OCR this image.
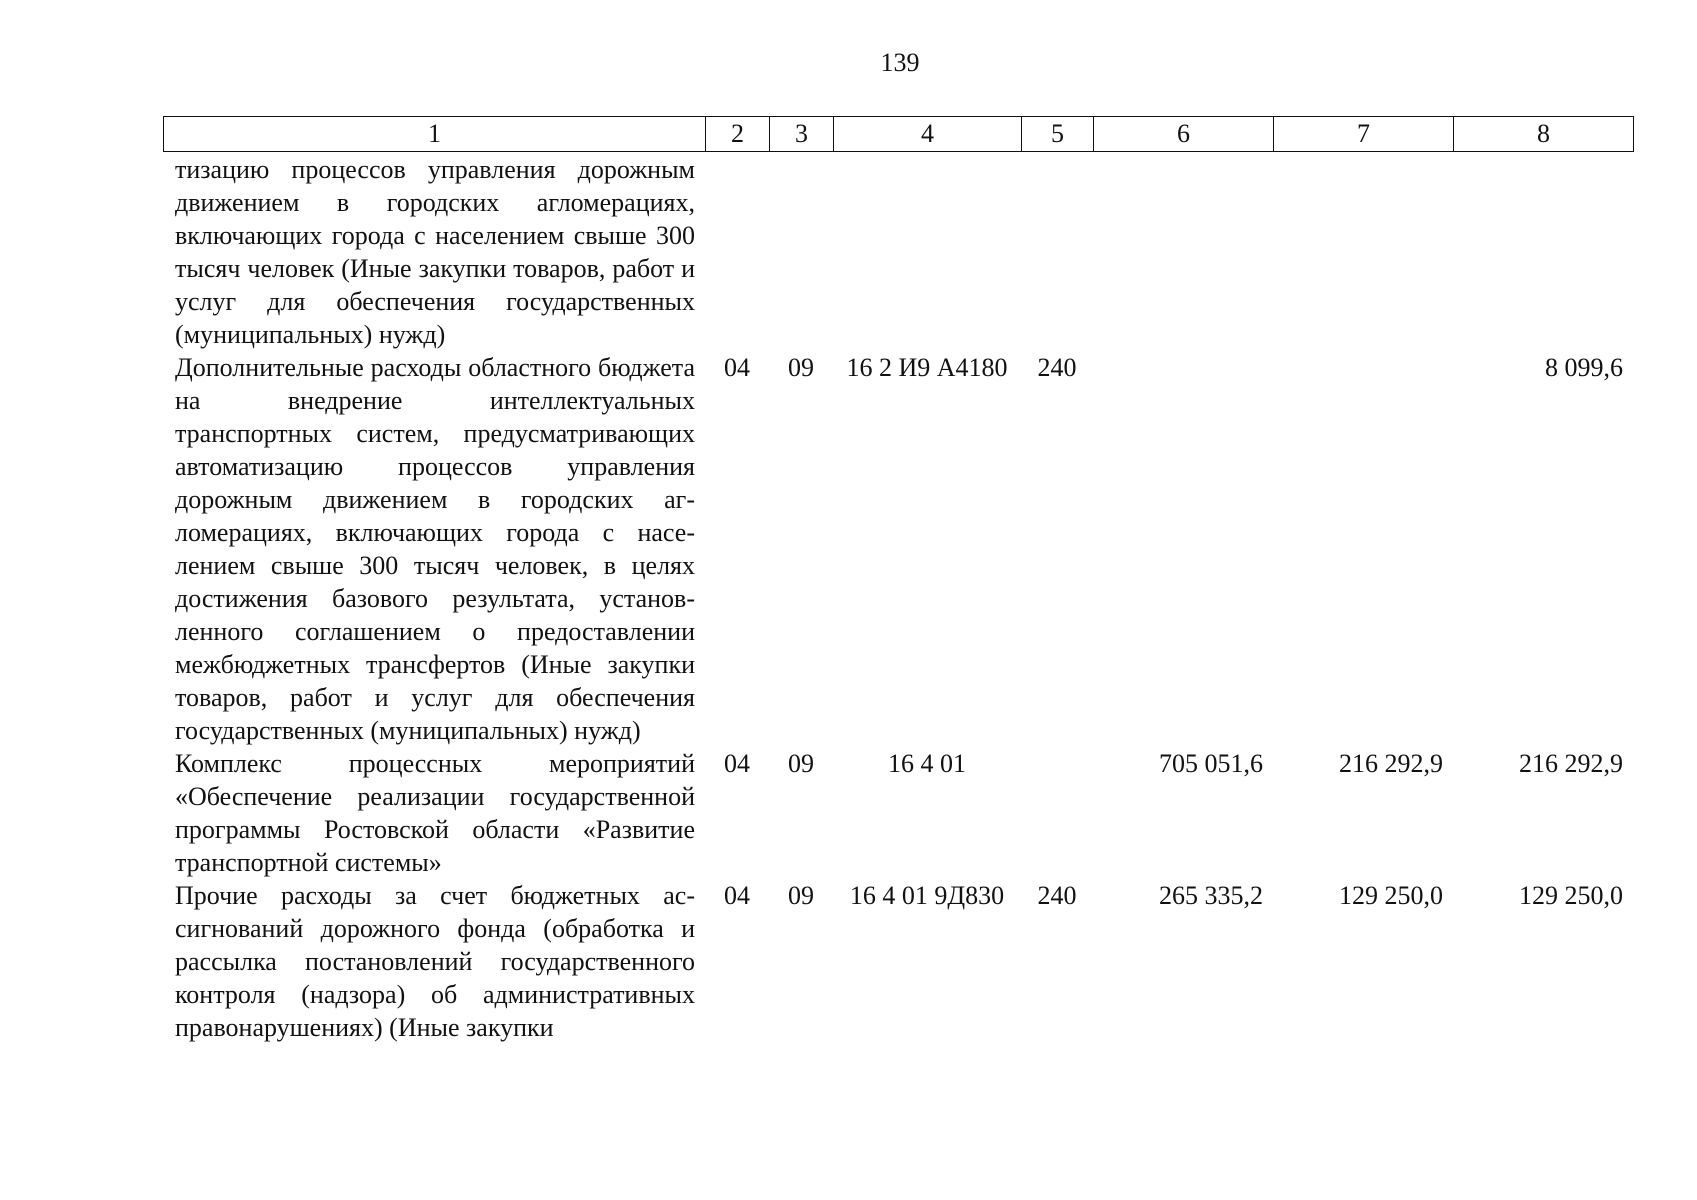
139
1	2	3	4	5	6	7	8
тизацию процессов управления дорожным движением в городских агломерациях, включающих города с населением свыше 300 тысяч человек (Иные закупки товаров, работ и услуг для обеспечения государственных (муниципальных) нужд)							
Дополнительные расходы областного бюджета на внедрение интеллектуальных транспортных систем, предусматривающих автоматизацию процессов управления дорожным движением в городских агломерациях, включающих города с населением свыше 300 тысяч человек, в целях достижения базового результата, установленного соглашением о предоставлении межбюджетных трансфертов (Иные закупки товаров, работ и услуг для обеспечения государственных (муниципальных) нужд)	04	09	16 2 И9 А4180	240			8 099,6
Комплекс процессных мероприятий «Обеспечение реализации государственной программы Ростовской области «Развитие транспортной системы»	04	09	16 4 01		705 051,6	216 292,9	216 292,9
Прочие расходы за счет бюджетных ассигнований дорожного фонда (обработка и рассылка постановлений государственного контроля (надзора) об административных правонарушениях) (Иные закупки	04	09	16 4 01 9Д830	240	265 335,2	129 250,0	129 250,0
